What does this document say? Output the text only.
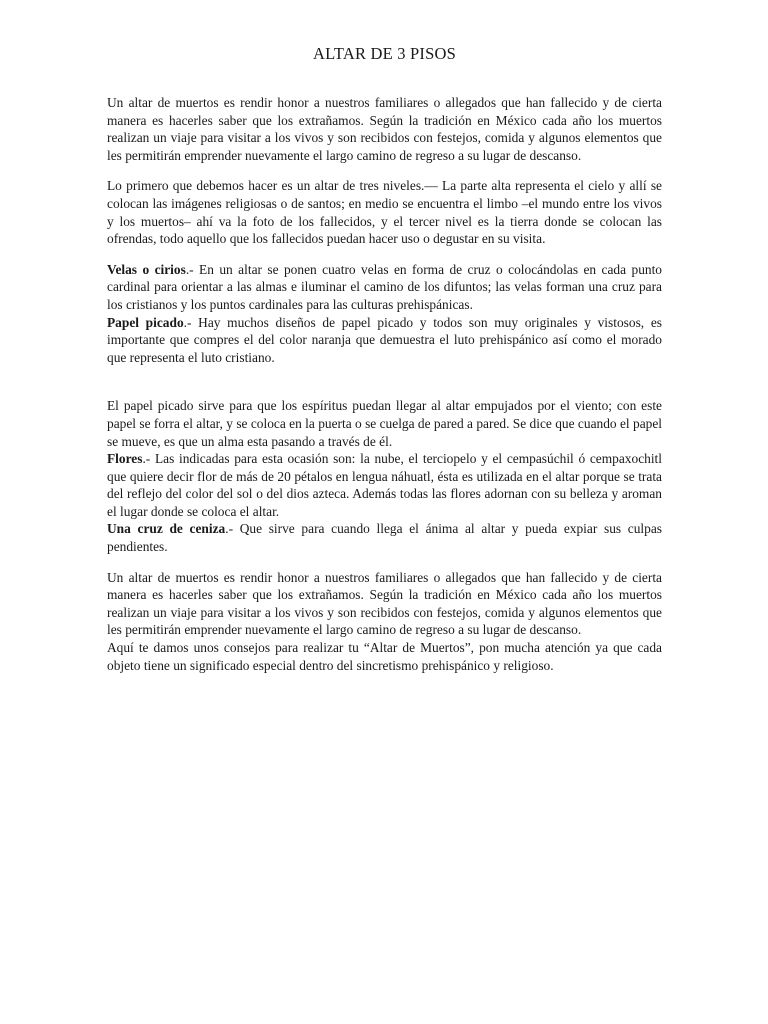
ALTAR DE 3 PISOS

Un altar de muertos es rendir honor a nuestros familiares o allegados que han fallecido y de cierta manera es hacerles saber que los extrañamos. Según la tradición en México cada año los muertos realizan un viaje para visitar a los vivos y son recibidos con festejos, comida y algunos elementos que les permitirán emprender nuevamente el largo camino de regreso a su lugar de descanso.

Lo primero que debemos hacer es un altar de tres niveles.— La parte alta representa el cielo y allí se colocan las imágenes religiosas o de santos; en medio se encuentra el limbo –el mundo entre los vivos y los muertos– ahí va la foto de los fallecidos, y el tercer nivel es la tierra donde se colocan las ofrendas, todo aquello que los fallecidos puedan hacer uso o degustar en su visita.

Velas o cirios.- En un altar se ponen cuatro velas en forma de cruz o colocándolas en cada punto cardinal para orientar a las almas e iluminar el camino de los difuntos; las velas forman una cruz para los cristianos y los puntos cardinales para las culturas prehispánicas.

Papel picado.- Hay muchos diseños de papel picado y todos son muy originales y vistosos, es importante que compres el del color naranja que demuestra el luto prehispánico así como el morado que representa el luto cristiano.

El papel picado sirve para que los espíritus puedan llegar al altar empujados por el viento; con este papel se forra el altar, y se coloca en la puerta o se cuelga de pared a pared. Se dice que cuando el papel se mueve, es que un alma esta pasando a través de él.

Flores.- Las indicadas para esta ocasión son: la nube, el terciopelo y el cempasúchil ó cempaxochitl que quiere decir flor de más de 20 pétalos en lengua náhuatl, ésta es utilizada en el altar porque se trata del reflejo del color del sol o del dios azteca. Además todas las flores adornan con su belleza y aroman el lugar donde se coloca el altar.

Una cruz de ceniza.- Que sirve para cuando llega el ánima al altar y pueda expiar sus culpas pendientes.

Un altar de muertos es rendir honor a nuestros familiares o allegados que han fallecido y de cierta manera es hacerles saber que los extrañamos. Según la tradición en México cada año los muertos realizan un viaje para visitar a los vivos y son recibidos con festejos, comida y algunos elementos que les permitirán emprender nuevamente el largo camino de regreso a su lugar de descanso.

Aquí te damos unos consejos para realizar tu “Altar de Muertos”, pon mucha atención ya que cada objeto tiene un significado especial dentro del sincretismo prehispánico y religioso.
